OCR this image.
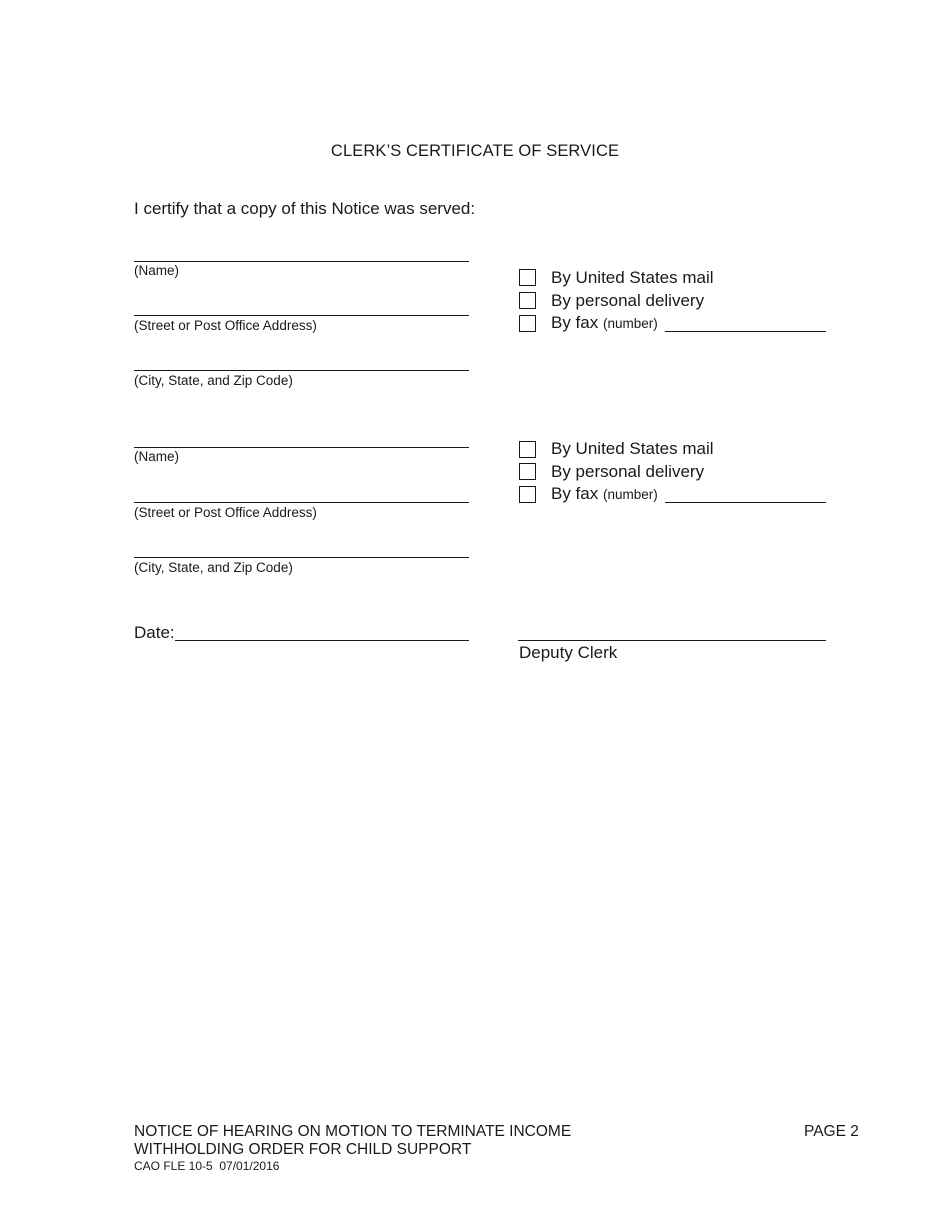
CLERK’S CERTIFICATE OF SERVICE
I certify that a copy of this Notice was served:
(Name)
(Street or Post Office Address)
(City, State, and Zip Code)
By United States mail
By personal delivery
By fax (number)
(Name)
(Street or Post Office Address)
(City, State, and Zip Code)
By United States mail
By personal delivery
By fax (number)
Date:
Deputy Clerk
NOTICE OF HEARING ON MOTION TO TERMINATE INCOME
WITHHOLDING ORDER FOR CHILD SUPPORT
CAO FLE 10-5  07/01/2016
PAGE 2
